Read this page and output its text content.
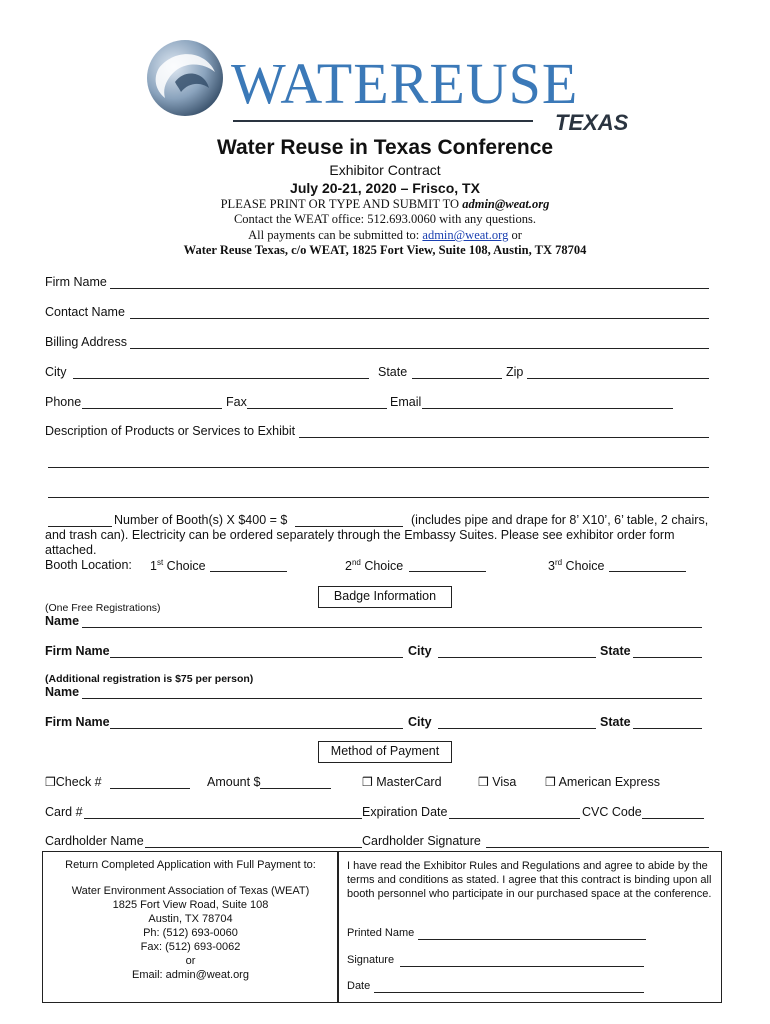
WATEREUSE
TEXAS
Water Reuse in Texas Conference
Exhibitor Contract
July 20-21, 2020 – Frisco, TX
PLEASE PRINT OR TYPE AND SUBMIT TO admin@weat.org
Contact the WEAT office: 512.693.0060 with any questions.
All payments can be submitted to: admin@weat.org or
Water Reuse Texas, c/o WEAT, 1825 Fort View, Suite 108, Austin, TX 78704
Firm Name
Contact Name
Billing Address
City	State	Zip
Phone	Fax	Email
Description of Products or Services to Exhibit
Number of Booth(s) X $400 = $	(includes pipe and drape for 8’ X10’, 6’ table, 2 chairs,
and trash can). Electricity can be ordered separately through the Embassy Suites. Please see exhibitor order form
attached.
Booth Location: 1st Choice	2nd Choice	3rd Choice
Badge Information
(One Free Registrations)
Name
Firm Name	City	State
(Additional registration is $75 per person)
Name
Firm Name	City	State
Method of Payment
❒Check #	Amount $	❒ MasterCard	❒ Visa ❒ American Express
Card #	Expiration Date	CVC Code
Cardholder Name	Cardholder Signature
Return Completed Application with Full Payment to:
Water Environment Association of Texas (WEAT)
1825 Fort View Road, Suite 108
Austin, TX 78704
Ph: (512) 693-0060
Fax: (512) 693-0062
or
Email: admin@weat.org
I have read the Exhibitor Rules and Regulations and agree to abide by the terms and conditions as stated. I agree that this contract is binding upon all booth personnel who participate in our purchased space at the conference.
Printed Name
Signature
Date
